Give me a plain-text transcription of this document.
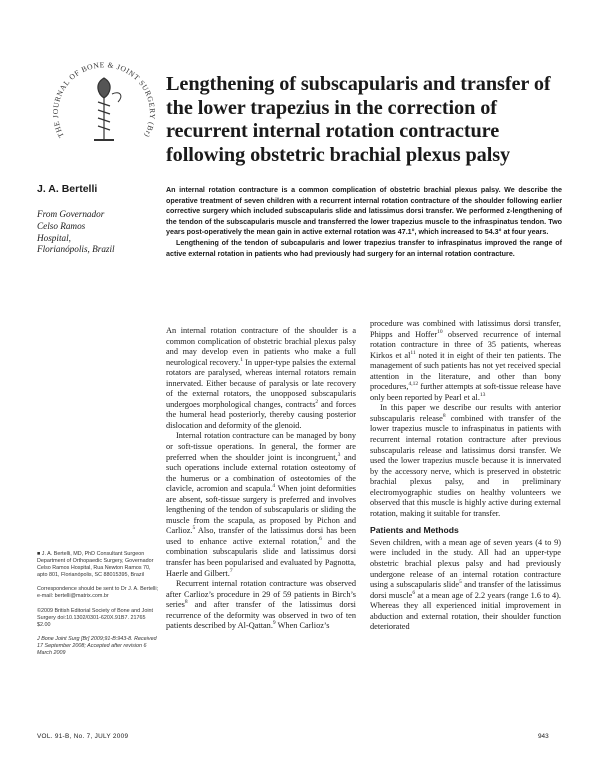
THE JOURNAL OF BONE & JOINT SURGERY (Br)
Lengthening of subscapularis and transfer of the lower trapezius in the correction of recurrent internal rotation contracture following obstetric brachial plexus palsy
J. A. Bertelli
From Governador
Celso Ramos
Hospital,
Florianópolis, Brazil

An internal rotation contracture is a common complication of obstetric brachial plexus palsy. We describe the operative treatment of seven children with a recurrent internal rotation contracture of the shoulder following earlier corrective surgery which included subscapularis slide and latissimus dorsi transfer. We performed z-lengthening of the tendon of the subscapularis muscle and transferred the lower trapezius muscle to the infraspinatus tendon. Two years post-operatively the mean gain in active external rotation was 47.1°, which increased to 54.3° at four years.

Lengthening of the tendon of subcapularis and lower trapezius transfer to infraspinatus improved the range of active external rotation in patients who had previously had surgery for an internal rotation contracture.

An internal rotation contracture of the shoulder is a common complication of obstetric brachial plexus palsy and may develop even in patients who make a full neurological recovery.$^1$ In upper-type palsies the external rotators are paralysed, whereas internal rotators remain innervated. Either because of paralysis or late recovery of the external rotators, the unopposed subscapularis undergoes morphological changes, contracts$^2$ and forces the humeral head posteriorly, thereby causing posterior dislocation and deformity of the glenoid.

Internal rotation contracture can be managed by bony or soft-tissue operations. In general, the former are preferred when the shoulder joint is incongruent,$^3$ and such operations include external rotation osteotomy of the humerus or a combination of osteotomies of the clavicle, acromion and scapula.$^4$ When joint deformities are absent, soft-tissue surgery is preferred and involves lengthening of the tendon of subscapularis or sliding the muscle from the scapula, as proposed by Pichon and Carlioz.$^5$ Also, transfer of the latissimus dorsi has been used to enhance active external rotation,$^6$ and the combination subscapularis slide and latissimus dorsi transfer has been popularised and evaluated by Pagnotta, Haerle and Gilbert.$^7$

Recurrent internal rotation contracture was observed after Carlioz’s procedure in 29 of 59 patients in Birch’s series$^8$ and after transfer of the latissimus dorsi recurrence of the deformity was observed in two of ten patients described by Al-Qattan.$^9$ When Carlioz’s

procedure was combined with latissimus dorsi transfer, Phipps and Hoffer$^{10}$ observed recurrence of internal rotation contracture in three of 35 patients, whereas Kirkos et $al^{11}$ noted it in eight of their ten patients. The management of such patients has not yet received special attention in the literature, and other than bony procedures,$^{4,12}$ further attempts at soft-tissue release have only been reported by Pearl et al.$^{13}$

In this paper we describe our results with anterior subscapularis release$^8$ combined with transfer of the lower trapezius muscle to infraspinatus in patients with recurrent internal rotation contracture after previous subscapularis release and latissimus dorsi transfer. We used the lower trapezius muscle because it is innervated by the accessory nerve, which is preserved in obstetric brachial plexus palsy, and in preliminary electromyographic studies on healthy volunteers we observed that this muscle is highly active during external rotation, making it suitable for transfer.

Patients and Methods

Seven children, with a mean age of seven years (4 to 9) were included in the study. All had an upper-type obstetric brachial plexus palsy and had previously undergone release of an internal rotation contracture using a subscapularis slide$^5$ and transfer of the latissimus dorsi muscle$^6$ at a mean age of 2.2 years (range 1.6 to 4). Whereas they all experienced initial improvement in abduction and external rotation, their shoulder function deteriorated

■ J. A. Bertelli, MD, PhD Consultant Surgeon Department of Orthopaedic Surgery, Governador Celso Ramos Hospital, Rua Newton Ramos 70, apto 801, Florianópolis, SC 88015395, Brazil
Correspondence should be sent to Dr J. A. Bertelli; e-mail: bertelli@matrix.com.br
©2009 British Editorial Society of Bone and Joint Surgery doi:10.1302/0301-620X.91B7. 21765 $2.00
J Bone Joint Surg [Br] 2009;91-B:943-8. Received 17 September 2008; Accepted after revision 6 March 2009
VOL. 91-B, No. 7, JULY 2009	943
